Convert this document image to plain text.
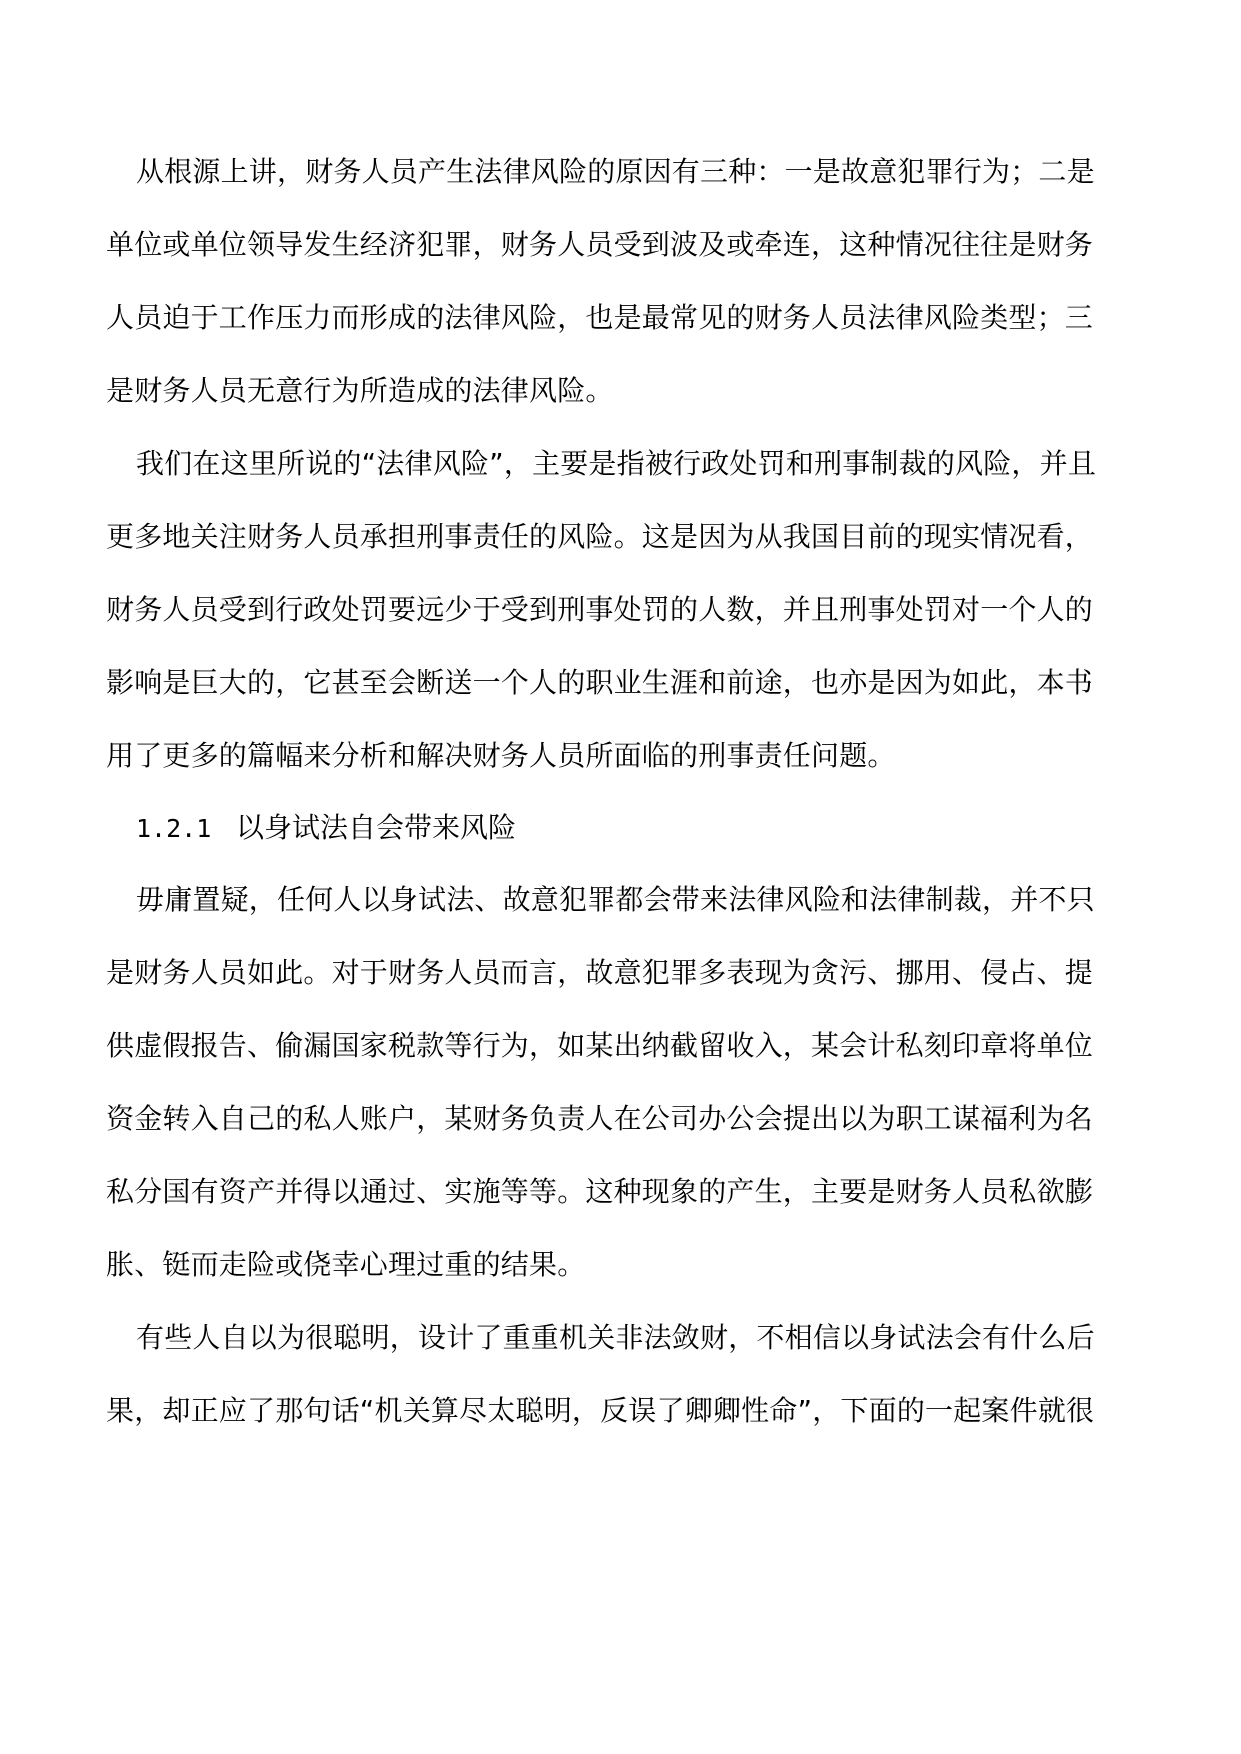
从根源上讲，财务人员产生法律风险的原因有三种：一是故意犯罪行为；二是
单位或单位领导发生经济犯罪，财务人员受到波及或牵连，这种情况往往是财务
人员迫于工作压力而形成的法律风险，也是最常见的财务人员法律风险类型；三
是财务人员无意行为所造成的法律风险。
我们在这里所说的“法律风险”，主要是指被行政处罚和刑事制裁的风险，并且
更多地关注财务人员承担刑事责任的风险。这是因为从我国目前的现实情况看，
财务人员受到行政处罚要远少于受到刑事处罚的人数，并且刑事处罚对一个人的
影响是巨大的，它甚至会断送一个人的职业生涯和前途，也亦是因为如此，本书
用了更多的篇幅来分析和解决财务人员所面临的刑事责任问题。
1.2.1 以身试法自会带来风险
毋庸置疑，任何人以身试法、故意犯罪都会带来法律风险和法律制裁，并不只
是财务人员如此。对于财务人员而言，故意犯罪多表现为贪污、挪用、侵占、提
供虚假报告、偷漏国家税款等行为，如某出纳截留收入，某会计私刻印章将单位
资金转入自己的私人账户，某财务负责人在公司办公会提出以为职工谋福利为名
私分国有资产并得以通过、实施等等。这种现象的产生，主要是财务人员私欲膨
胀、铤而走险或侥幸心理过重的结果。
有些人自以为很聪明，设计了重重机关非法敛财，不相信以身试法会有什么后
果，却正应了那句话“机关算尽太聪明，反误了卿卿性命”，下面的一起案件就很
